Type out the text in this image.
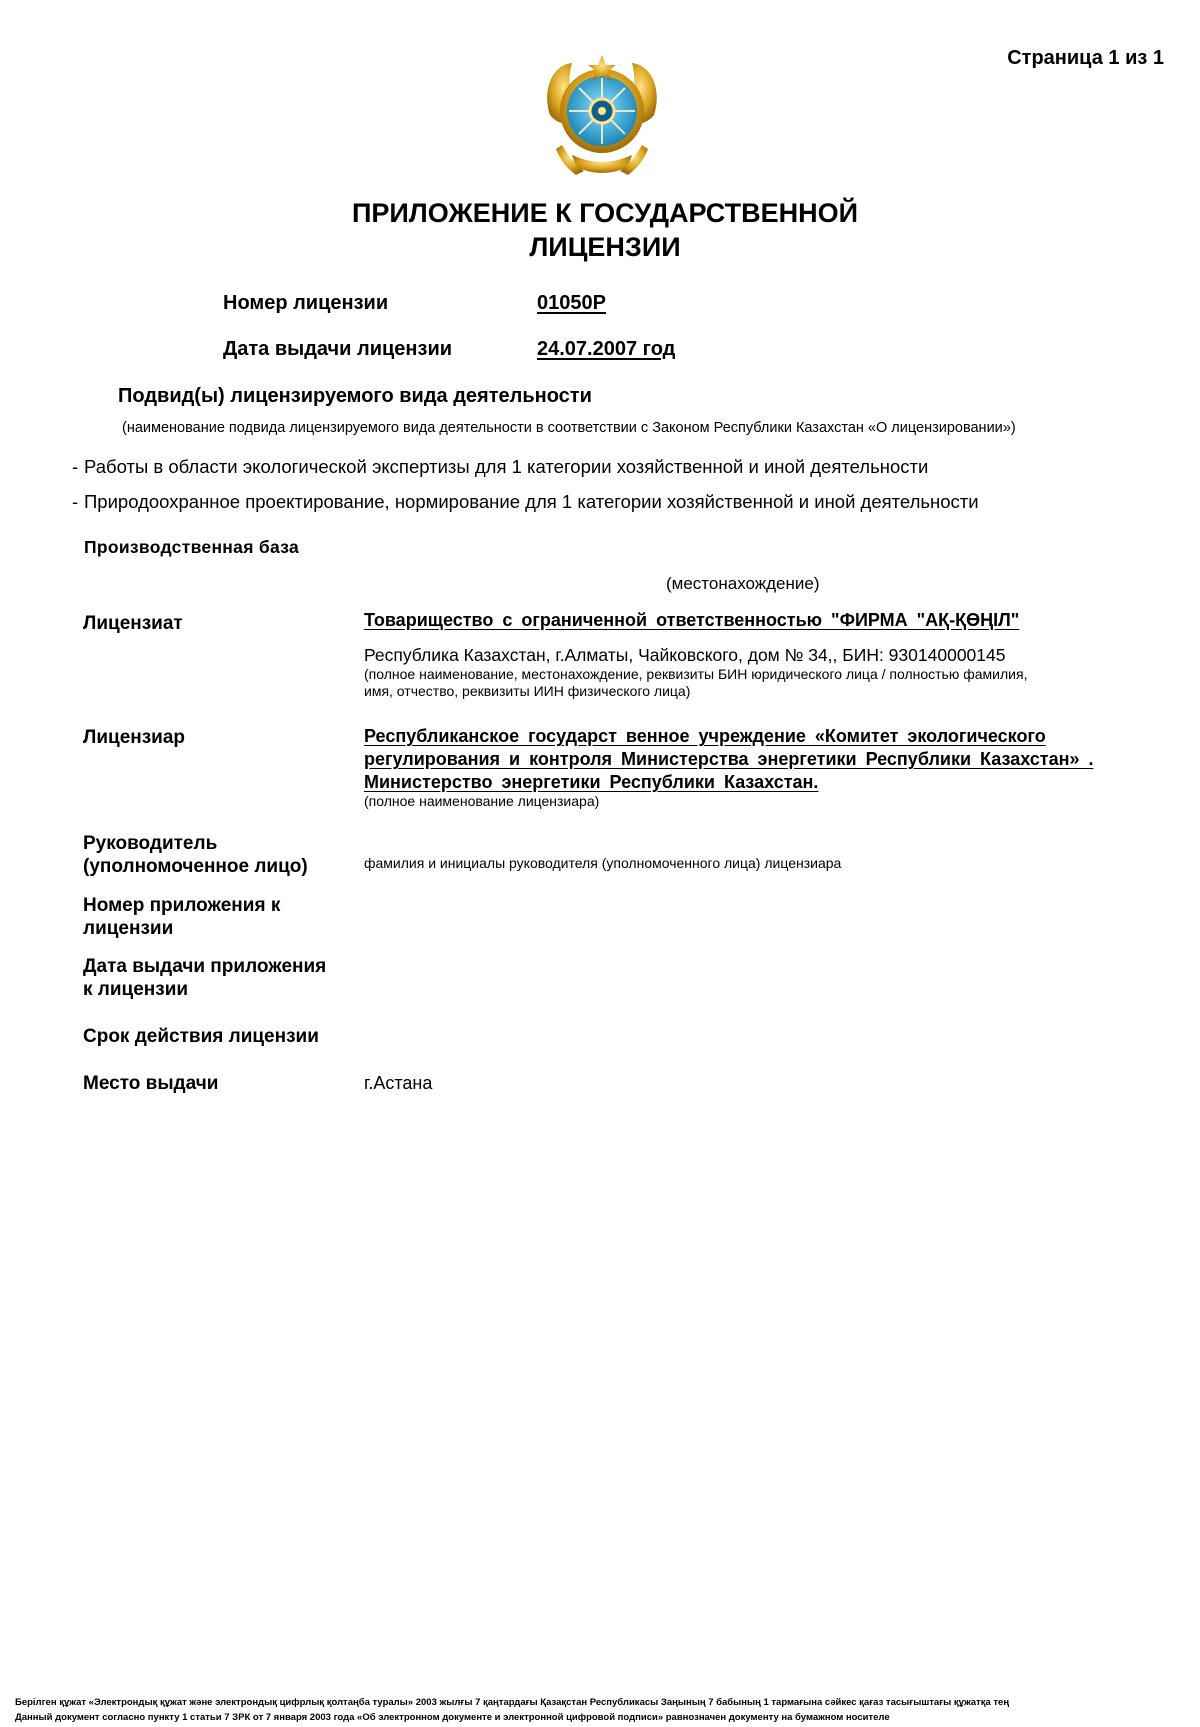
Страница 1 из 1
ПРИЛОЖЕНИЕ К ГОСУДАРСТВЕННОЙ
ЛИЦЕНЗИИ
Номер лицензии	01050P
Дата выдачи лицензии	24.07.2007 год
Подвид(ы) лицензируемого вида деятельности
(наименование подвида лицензируемого вида деятельности в соответствии с Законом Республики Казахстан «О лицензировании»)
- Работы в области экологической экспертизы для 1 категории хозяйственной и иной деятельности
- Природоохранное проектирование, нормирование для 1 категории хозяйственной и иной деятельности
Производственная база
(местонахождение)
Лицензиат	Товарищество с ограниченной ответственностью "ФИРМА "АҚ-ҚӨҢІЛ"
Республика Казахстан, г.Алматы, Чайковского, дом № 34,, БИН: 930140000145
(полное наименование, местонахождение, реквизиты БИН юридического лица / полностью фамилия,
имя, отчество, реквизиты ИИН физического лица)
Лицензиар	Республиканское государст венное учреждение «Комитет экологического
регулирования и контроля Министерства энергетики Республики Казахстан» .
Министерство энергетики Республики Казахстан.
(полное наименование лицензиара)
Руководитель
(уполномоченное лицо)	фамилия и инициалы руководителя (уполномоченного лица) лицензиара
Номер приложения к
лицензии
Дата выдачи приложения
к лицензии
Срок действия лицензии
Место выдачи	г.Астана
Берілген құжат «Электрондық құжат және электрондық цифрлық қолтаңба туралы» 2003 жылғы 7 қаңтардағы Қазақстан Республикасы Заңының 7 бабының 1 тармағына сәйкес қағаз тасығыштағы құжатқа тең
Данный документ согласно пункту 1 статьи 7 ЗРК от 7 января 2003 года «Об электронном документе и электронной цифровой подписи» равнозначен документу на бумажном носителе
